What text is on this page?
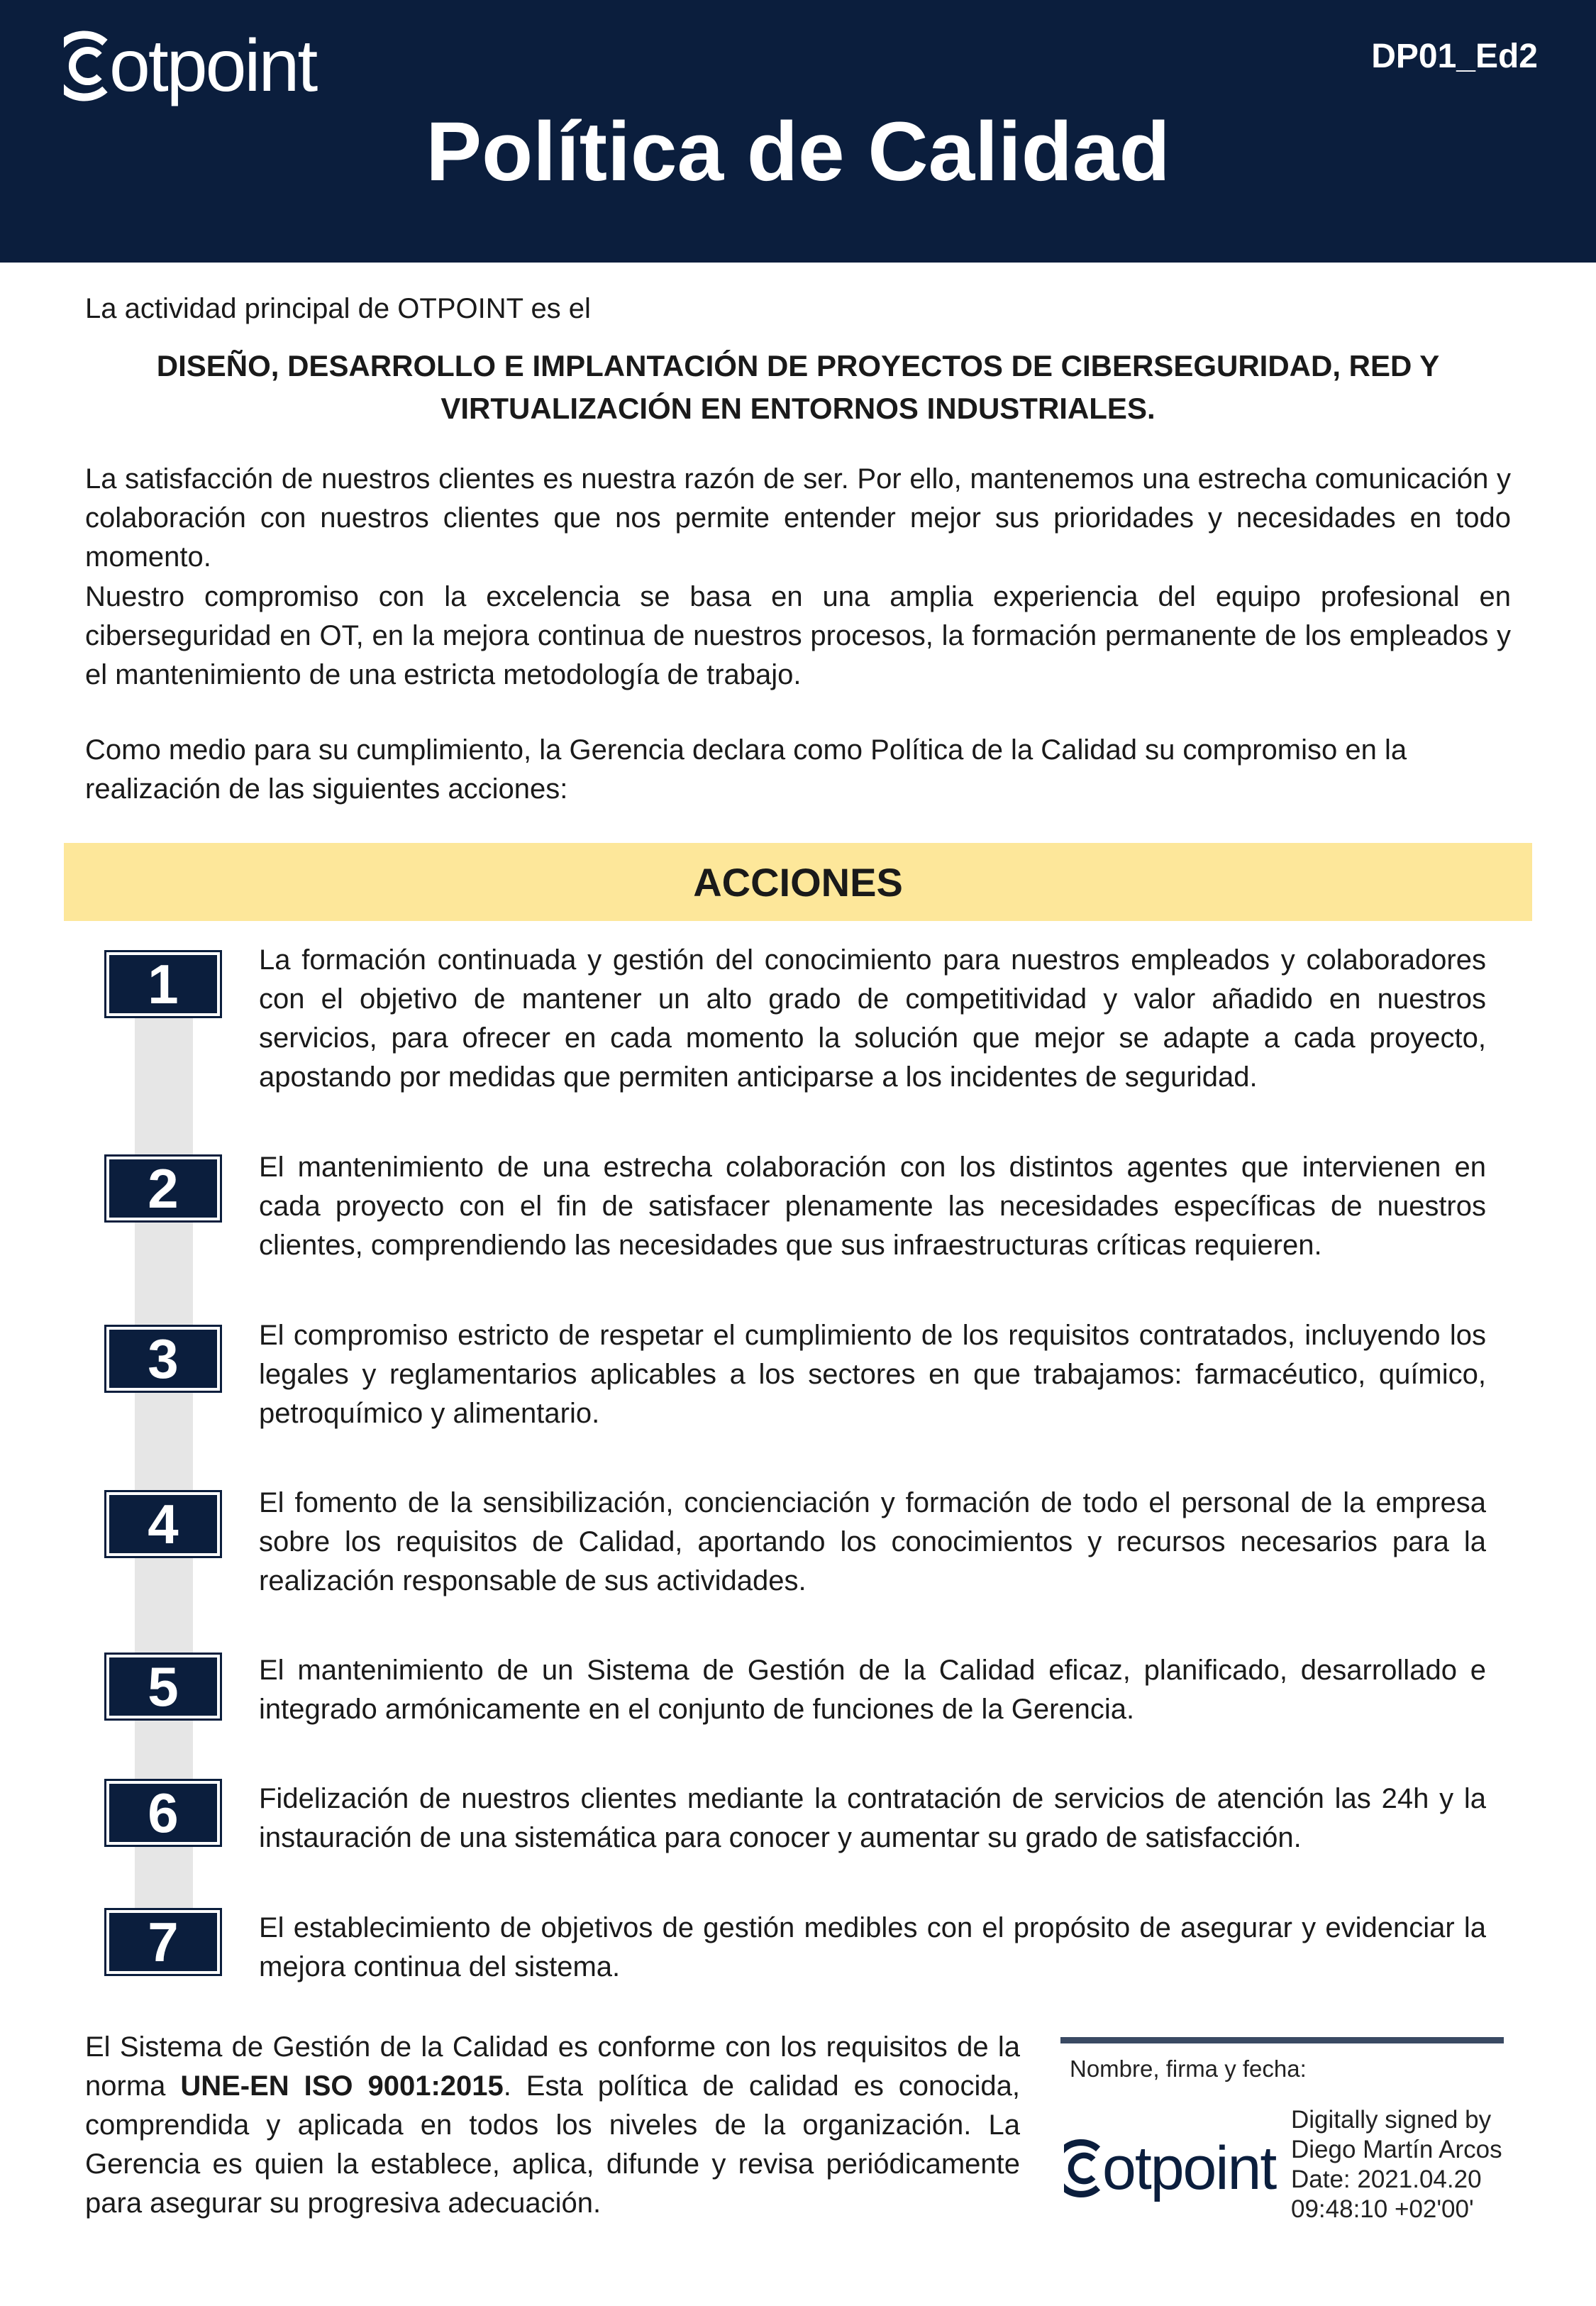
otpoint	DP01_Ed2
Política de Calidad
La actividad principal de OTPOINT es el
DISEÑO, DESARROLLO E IMPLANTACIÓN DE PROYECTOS DE CIBERSEGURIDAD, RED Y
VIRTUALIZACIÓN EN ENTORNOS INDUSTRIALES.
La satisfacción de nuestros clientes es nuestra razón de ser. Por ello, mantenemos una estrecha comunicación y colaboración con nuestros clientes que nos permite entender mejor sus prioridades y necesidades en todo momento.
Nuestro compromiso con la excelencia se basa en una amplia experiencia del equipo profesional en ciberseguridad en OT, en la mejora continua de nuestros procesos, la formación permanente de los empleados y el mantenimiento de una estricta metodología de trabajo.
Como medio para su cumplimiento, la Gerencia declara como Política de la Calidad su compromiso en la realización de las siguientes acciones:
ACCIONES
1	La formación continuada y gestión del conocimiento para nuestros empleados y colaboradores con el objetivo de mantener un alto grado de competitividad y valor añadido en nuestros servicios, para ofrecer en cada momento la solución que mejor se adapte a cada proyecto, apostando por medidas que permiten anticiparse a los incidentes de seguridad.
2	El mantenimiento de una estrecha colaboración con los distintos agentes que intervienen en cada proyecto con el fin de satisfacer plenamente las necesidades específicas de nuestros clientes, comprendiendo las necesidades que sus infraestructuras críticas requieren.
3	El compromiso estricto de respetar el cumplimiento de los requisitos contratados, incluyendo los legales y reglamentarios aplicables a los sectores en que trabajamos: farmacéutico, químico, petroquímico y alimentario.
4	El fomento de la sensibilización, concienciación y formación de todo el personal de la empresa sobre los requisitos de Calidad, aportando los conocimientos y recursos necesarios para la realización responsable de sus actividades.
5	El mantenimiento de un Sistema de Gestión de la Calidad eficaz, planificado, desarrollado e integrado armónicamente en el conjunto de funciones de la Gerencia.
6	Fidelización de nuestros clientes mediante la contratación de servicios de atención las 24h y la instauración de una sistemática para conocer y aumentar su grado de satisfacción.
7	El establecimiento de objetivos de gestión medibles con el propósito de asegurar y evidenciar la mejora continua del sistema.
El Sistema de Gestión de la Calidad es conforme con los requisitos de la norma UNE-EN ISO 9001:2015. Esta política de calidad es conocida, comprendida y aplicada en todos los niveles de la organización. La Gerencia es quien la establece, aplica, difunde y revisa periódicamente para asegurar su progresiva adecuación.
Nombre, firma y fecha:
otpoint
Digitally signed by
Diego Martín Arcos
Date: 2021.04.20
09:48:10 +02'00'
